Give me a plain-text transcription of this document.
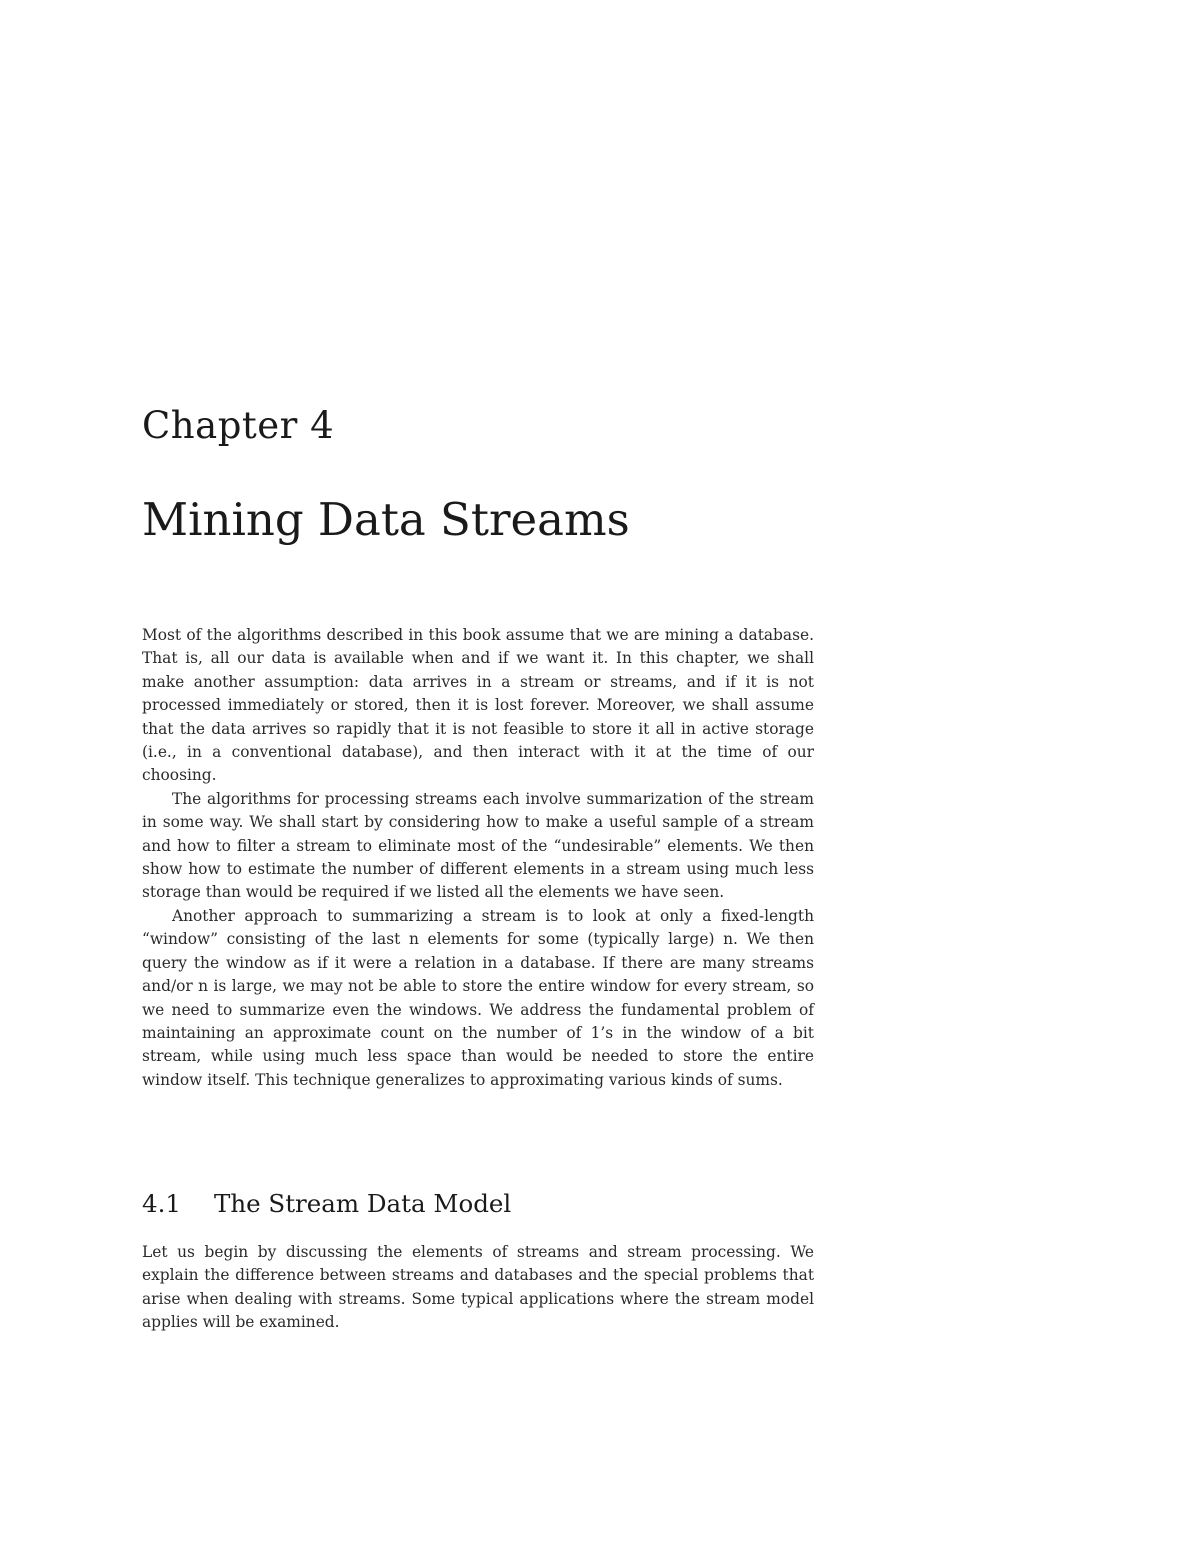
Chapter 4
Mining Data Streams

Most of the algorithms described in this book assume that we are mining a database. That is, all our data is available when and if we want it. In this chapter, we shall make another assumption: data arrives in a stream or streams, and if it is not processed immediately or stored, then it is lost forever. Moreover, we shall assume that the data arrives so rapidly that it is not feasible to store it all in active storage (i.e., in a conventional database), and then interact with it at the time of our choosing.

The algorithms for processing streams each involve summarization of the stream in some way. We shall start by considering how to make a useful sample of a stream and how to filter a stream to eliminate most of the “undesirable” elements. We then show how to estimate the number of different elements in a stream using much less storage than would be required if we listed all the elements we have seen.

Another approach to summarizing a stream is to look at only a fixed-length “window” consisting of the last n elements for some (typically large) n. We then query the window as if it were a relation in a database. If there are many streams and/or n is large, we may not be able to store the entire window for every stream, so we need to summarize even the windows. We address the fundamental problem of maintaining an approximate count on the number of 1’s in the window of a bit stream, while using much less space than would be needed to store the entire window itself. This technique generalizes to approximating various kinds of sums.

4.1 The Stream Data Model

Let us begin by discussing the elements of streams and stream processing. We explain the difference between streams and databases and the special problems that arise when dealing with streams. Some typical applications where the stream model applies will be examined.
